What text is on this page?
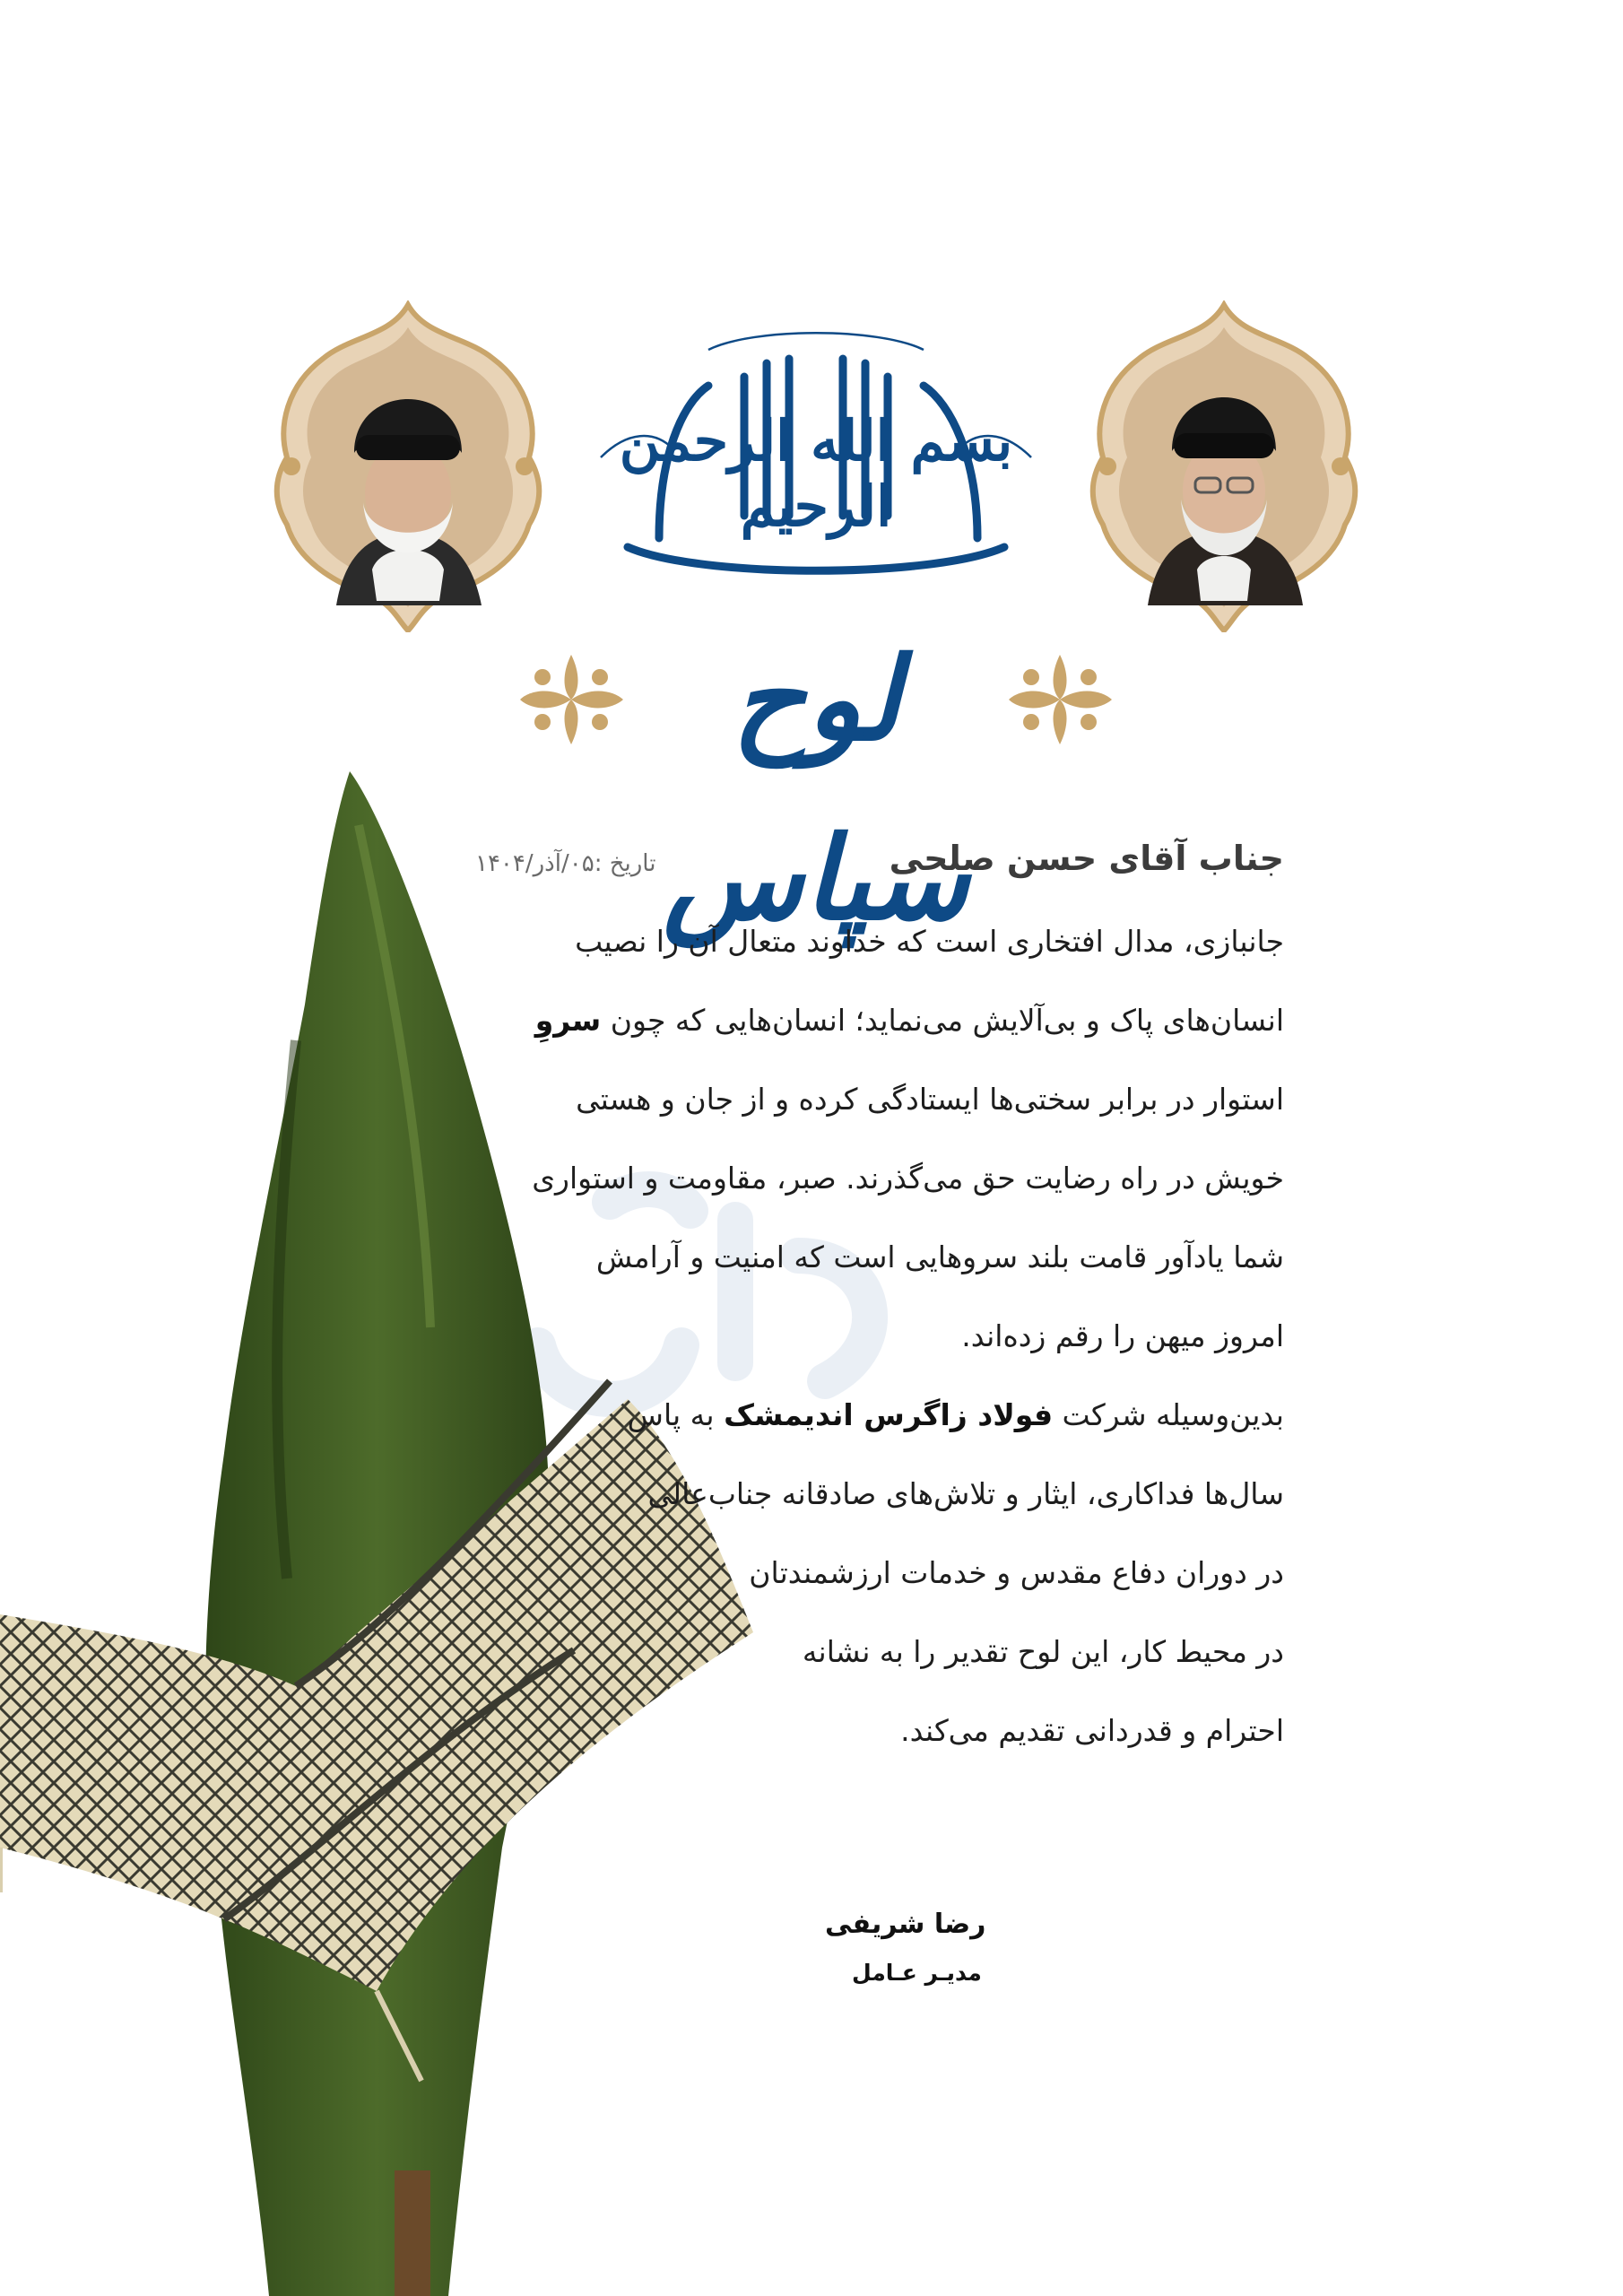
بسم الله الرحمن الرحیم
لوح سپاس
جناب آقای حسن صلحی
تاریخ :۰۵/آذر/۱۴۰۴
جانبازی، مدال افتخاری است که خداوند متعال آن را نصیب
انسان‌های پاک و بی‌آلایش می‌نماید؛ انسان‌هایی که چون سروِ
استوار در برابر سختی‌ها ایستادگی کرده و از جان و هستی
خویش در راه رضایت حق می‌گذرند. صبر، مقاومت و استواری
شما یادآور قامت بلند سروهایی است که امنیت و آرامش
امروز میهن را رقم زده‌اند.
بدین‌وسیله شرکت فولاد زاگرس اندیمشک به پاس
سال‌ها فداکاری، ایثار و تلاش‌های صادقانه جناب‌عالی
در دوران دفاع مقدس و خدمات ارزشمندتان
در محیط کار، این لوح تقدیر را به نشانه
احترام و قدردانی تقدیم می‌کند.
رضا شریفی
مدیـر عـامل
